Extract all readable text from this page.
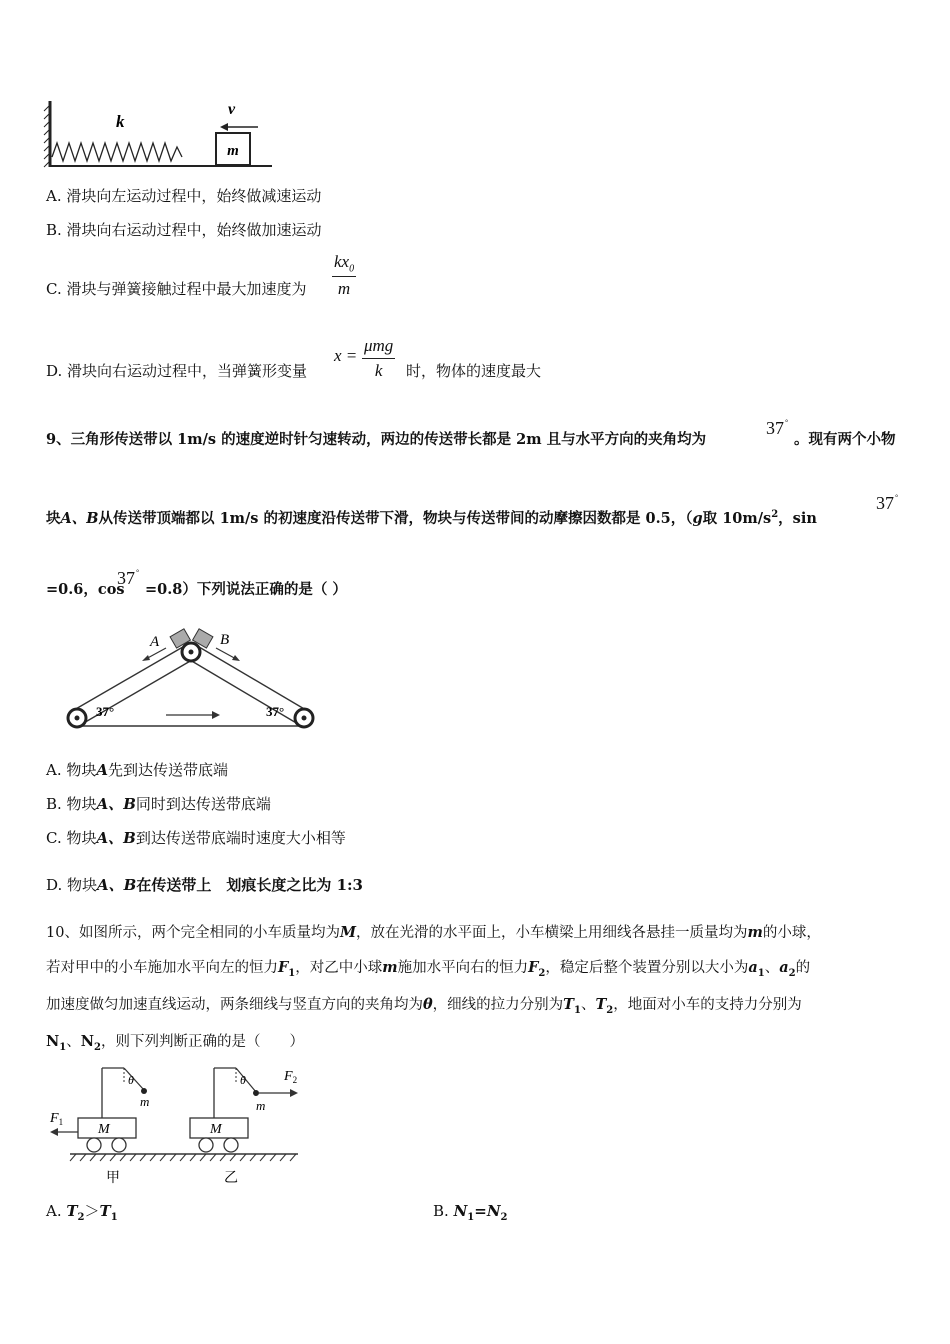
m
k
v
A. 滑块向左运动过程中，始终做减速运动
B. 滑块向右运动过程中，始终做加速运动
C. 滑块与弹簧接触过程中最大加速度为
$kx_0$
m
D. 滑块向右运动过程中，当弹簧形变量
x =
μmg
k	时，物体的速度最大
9、三角形传送带以 1m/s 的速度逆时针匀速转动，两边的传送带长都是 2m 且与水平方向的夹角均为
37°
。现有两个小物
块A、B从传送带顶端都以 1m/s 的初速度沿传送带下滑，物块与传送带间的动摩擦因数都是 0.5，（g取 $10m/s^2$，sin
37°
=0.6，cos
37°
=0.8）下列说法正确的是（ ）
A	B
37°	37°
A. 物块A先到达传送带底端
B. 物块A、B同时到达传送带底端
C. 物块A、B到达传送带底端时速度大小相等
D. 物块A、B在传送带上　划痕长度之比为 1:3
10、如图所示，两个完全相同的小车质量均为M，放在光滑的水平面上，小车横梁上用细线各悬挂一质量均为m的小球，
若对甲中的小车施加水平向左的恒力$F_1$，对乙中小球m施加水平向右的恒力$F_2$，稳定后整个装置分别以大小为$a_1$、$a_2$的
加速度做匀加速直线运动，两条细线与竖直方向的夹角均为θ，细线的拉力分别为$T_1$、$T_2$，地面对小车的支持力分别为
$N_1$、$N_2$，则下列判断正确的是（　　）
M
θ
m
$F_1$
甲
M
θ
m
$F_2$
乙
A. $T_2>T_1$	B. $N_1=N_2$
